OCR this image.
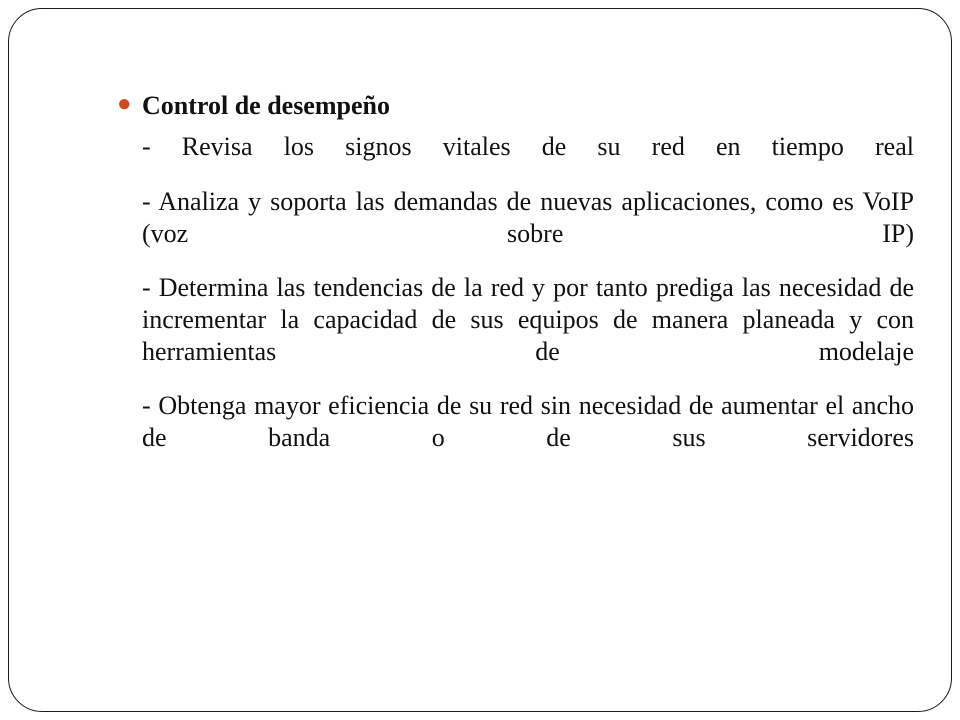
● Control de desempeño

- Revisa los signos vitales de su red en tiempo real

- Analiza y soporta las demandas de nuevas aplicaciones, como es VoIP (voz sobre IP)

- Determina las tendencias de la red y por tanto prediga las necesidad de incrementar la capacidad de sus equipos de manera planeada y con herramientas de modelaje

- Obtenga mayor eficiencia de su red sin necesidad de aumentar el ancho de banda o de sus servidores
